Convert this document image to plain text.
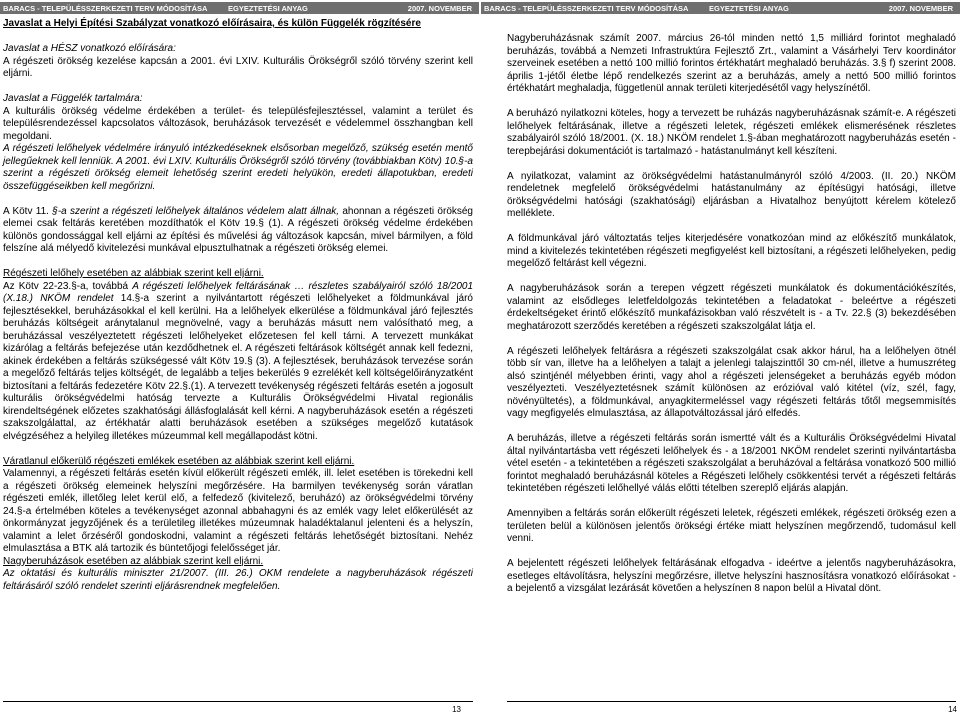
BARACS - TELEPÜLÉSSZERKEZETI TERV MÓDOSÍTÁSA	EGYEZTETÉSI ANYAG	2007. NOVEMBER

Javaslat a Helyi Építési Szabályzat vonatkozó előírásaira, és külön Függelék rögzítésére

Javaslat a HÉSZ vonatkozó előírására:

A régészeti örökség kezelése kapcsán a 2001. évi LXIV. Kulturális Örökségről szóló törvény szerint kell eljárni.

Javaslat a Függelék tartalmára:

A kulturális örökség védelme érdekében a terület- és településfejlesztéssel, valamint a terület és településrendezéssel kapcsolatos változások, beruházások tervezését e védelemmel összhangban kell megoldani.

A régészeti lelőhelyek védelmére irányuló intézkedéseknek elsősorban megelőző, szükség esetén mentő jellegűeknek kell lenniük. A 2001. évi LXIV. Kulturális Örökségről szóló törvény (továbbiakban Kötv) 10.§-a szerint a régészeti örökség elemeit lehetőség szerint eredeti helyükön, eredeti állapotukban, eredeti összefüggéseikben kell megőrizni.

A Kötv 11. §-a szerint a régészeti lelőhelyek általános védelem alatt állnak, ahonnan a régészeti örökség elemei csak feltárás keretében mozdíthatók el Kötv 19.§ (1). A régészeti örökség védelme érdekében különös gondossággal kell eljárni az építési és művelési ág változások kapcsán, mivel bármilyen, a föld felszíne alá mélyedő kivitelezési munkával elpusztulhatnak a régészeti örökség elemei.

Régészeti lelőhely esetében az alábbiak szerint kell eljárni.

Az Kötv 22-23.§-a, továbbá A régészeti lelőhelyek feltárásának … részletes szabályairól szóló 18/2001 (X.18.) NKÖM rendelet 14.§-a szerint a nyilvántartott régészeti lelőhelyeket a földmunkával járó fejlesztésekkel, beruházásokkal el kell kerülni. Ha a lelőhelyek elkerülése a földmunkával járó fejlesztés beruházás költségeit aránytalanul megnövelné, vagy a beruházás másutt nem valósítható meg, a beruházással veszélyeztetett régészeti lelőhelyeket előzetesen fel kell tárni. A tervezett munkákat kizárólag a feltárás befejezése után kezdődhetnek el. A régészeti feltárások költségét annak kell fedezni, akinek érdekében a feltárás szükségessé vált Kötv 19.§ (3). A fejlesztések, beruházások tervezése során a megelőző feltárás teljes költségét, de legalább a teljes bekerülés 9 ezrelékét kell költségelőirányzatként biztosítani a feltárás fedezetére Kötv 22.§.(1). A tervezett tevékenység régészeti feltárás esetén a jogosult kulturális örökségvédelmi hatóság tervezte a Kulturális Örökségvédelmi Hivatal regionális kirendeltségének előzetes szakhatósági állásfoglalását kell kérni. A nagyberuházások esetén a régészeti szakszolgálattal, az értékhatár alatti beruházások esetében a szükséges megelőző kutatások elvégzéséhez a helyileg illetékes múzeummal kell megállapodást kötni.

Váratlanul előkerülő régészeti emlékek esetében az alábbiak szerint kell eljárni.

Valamennyi, a régészeti feltárás esetén kívül előkerült régészeti emlék, ill. lelet esetében is törekedni kell a régészeti örökség elemeinek helyszíni megőrzésére. Ha barmilyen tevékenység során váratlan régészeti emlék, illetőleg lelet kerül elő, a felfedező (kivitelező, beruházó) az örökségvédelmi törvény 24.§-a értelmében köteles a tevékenységet azonnal abbahagyni és az emlék vagy lelet előkerülését az önkormányzat jegyzőjének és a területileg illetékes múzeumnak haladéktalanul jelenteni és a helyszín, valamint a lelet őrzéséről gondoskodni, valamint a régészeti feltárás lehetőségét biztosítani. Nehéz elmulasztása a BTK alá tartozik és büntetőjogi felelősséget jár.

Nagyberuházások esetében az alábbiak szerint kell eljárni.

Az oktatási és kulturális miniszter 21/2007. (III. 26.) OKM rendelete a nagyberuházások régészeti feltárásáról szóló rendelet szerinti eljárásrendnek megfelelően.

13
BARACS - TELEPÜLÉSSZERKEZETI TERV MÓDOSÍTÁSA	EGYEZTETÉSI ANYAG	2007. NOVEMBER

Nagyberuházásnak számít 2007. március 26-tól minden nettó 1,5 milliárd forintot meghaladó beruházás, továbbá a Nemzeti Infrastruktúra Fejlesztő Zrt., valamint a Vásárhelyi Terv koordinátor szerveinek esetében a nettó 100 millió forintos értékhatárt meghaladó beruházás. 3.§ f) szerint 2008. április 1-jétől életbe lépő rendelkezés szerint az a beruházás, amely a nettó 500 millió forintos értékhatárt meghaladja, függetlenül annak területi kiterjedésétől vagy helyszínétől.

A beruházó nyilatkozni köteles, hogy a tervezett be ruházás nagyberuházásnak számít-e. A régészeti lelőhelyek feltárásának, illetve a régészeti leletek, régészeti emlékek elismerésének részletes szabályairól szóló 18/2001. (X. 18.) NKÖM rendelet 1.§-ában meghatározott nagyberuházás esetén - terepbejárási dokumentációt is tartalmazó - hatástanulmányt kell készíteni.

A nyilatkozat, valamint az örökségvédelmi hatástanulmányról szóló 4/2003. (II. 20.) NKÖM rendeletnek megfelelő örökségvédelmi hatástanulmány az építésügyi hatósági, illetve örökségvédelmi hatósági (szakhatósági) eljárásban a Hivatalhoz benyújtott kérelem kötelező melléklete.

A földmunkával járó változtatás teljes kiterjedésére vonatkozóan mind az előkészítő munkálatok, mind a kivitelezés tekintetében régészeti megfigyelést kell biztosítani, a régészeti lelőhelyeken, pedig megelőző feltárást kell végezni.

A nagyberuházások során a terepen végzett régészeti munkálatok és dokumentációkészítés, valamint az elsődleges leletfeldolgozás tekintetében a feladatokat - beleértve a régészeti érdekeltségeket érintő előkészítő munkafázisokban való részvételt is - a Tv. 22.§ (3) bekezdésében meghatározott szerződés keretében a régészeti szakszolgálat látja el.

A régészeti lelőhelyek feltárásra a régészeti szakszolgálat csak akkor hárul, ha a lelőhelyen ötnél több sír van, illetve ha a lelőhelyen a talajt a jelenlegi talajszinttől 30 cm-nél, illetve a humuszréteg alsó szintjénél mélyebben érinti, vagy ahol a régészeti jelenségeket a beruházás egyéb módon veszélyezteti. Veszélyeztetésnek számít különösen az erózióval való kitétel (víz, szél, fagy, növényültetés), a földmunkával, anyagkitermeléssel vagy régészeti feltárás tőtől megsemmisítés vagy megfigyelés elmulasztása, az állapotváltozással járó elfedés.

A beruházás, illetve a régészeti feltárás során ismertté vált és a Kulturális Örökségvédelmi Hivatal által nyilvántartásba vett régészeti lelőhelyek és - a 18/2001 NKÖM rendelet szerinti nyilvántartásba vétel esetén - a tekintetében a régészeti szakszolgálat a beruházóval a feltárása vonatkozó 500 millió forintot meghaladó beruházásnál köteles a Régészeti lelőhely csökkentési tervét a régészeti feltárás tekintetében régészeti lelőhellyé válás előtti tételben szereplő eljárás alapján.

Amennyiben a feltárás során előkerült régészeti leletek, régészeti emlékek, régészeti örökség ezen a területen belül a különösen jelentős örökségi értéke miatt helyszínen megőrzendő, tudomásul kell venni.

A bejelentett régészeti lelőhelyek feltárásának elfogadva - ideértve a jelentős nagyberuházásokra, esetleges eltávolításra, helyszíni megőrzésre, illetve helyszíni hasznosításra vonatkozó előírásokat - a bejelentő a vizsgálat lezárását követően a helyszínen 8 napon belül a Hivatal dönt.

14
